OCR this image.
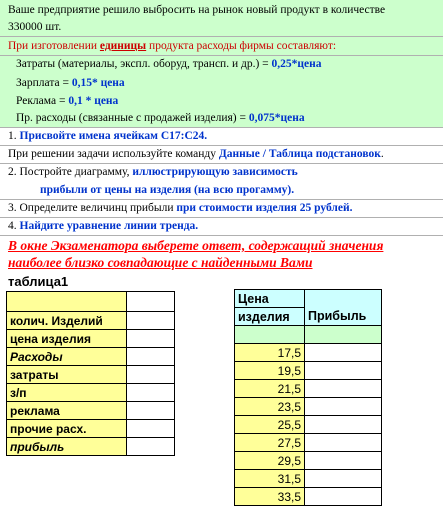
Ваше предприятие решило выбросить на рынок новый продукт в количестве
330000 шт.
При изготовлении единицы продукта расходы фирмы составляют:
Затраты (материалы, экспл. оборуд, трансп. и др.) = 0,25*цена
Зарплата = 0,15* цена
Реклама = 0,1 * цена
Пр. расходы (связанные с продажей изделия) = 0,075*цена
1. Присвойте имена ячейкам С17:С24.
При решении задачи используйте команду Данные / Таблица подстановок.
2. Постройте диаграмму, иллюстрирующую зависимость
прибыли от цены на изделия (на всю прогамму).
3. Определите величинц прибыли при стоимости изделия 25 рублей.
4. Найдите уравнение линии тренда.
В окне Экзаменатора выберете ответ, содержащий значения наиболее близко совпадающие с найденными Вами
таблица1

колич. Изделий	
цена изделия	
Расходы	
затраты	
з/п	
реклама	
прочие расх.	
прибыль	
Цена	Прибыль
изделия	

17,5	
19,5	
21,5	
23,5	
25,5	
27,5	
29,5	
31,5	
33,5	
